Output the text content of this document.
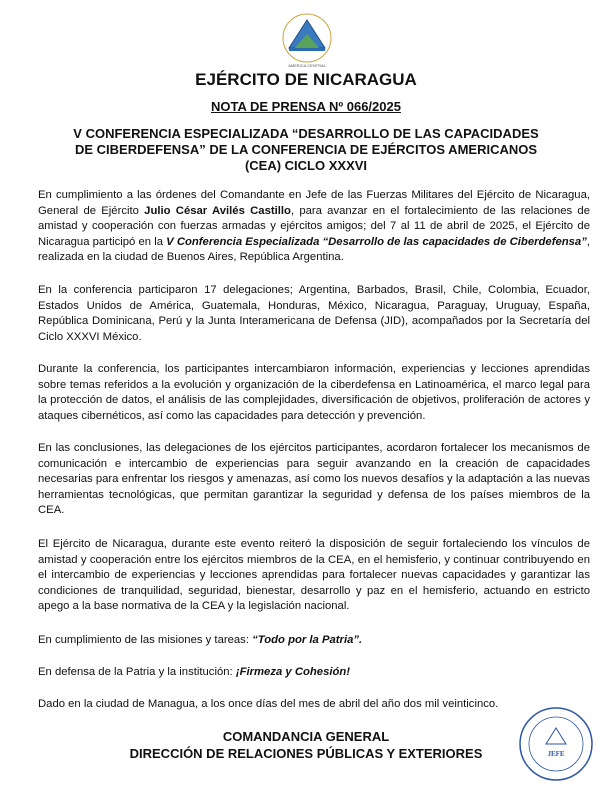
AMERICA CENTRAL
EJÉRCITO DE NICARAGUA
NOTA DE PRENSA Nº 066/2025
V CONFERENCIA ESPECIALIZADA “DESARROLLO DE LAS CAPACIDADES
DE CIBERDEFENSA” DE LA CONFERENCIA DE EJÉRCITOS AMERICANOS
(CEA) CICLO XXXVI

En cumplimiento a las órdenes del Comandante en Jefe de las Fuerzas Militares del Ejército de Nicaragua, General de Ejército Julio César Avilés Castillo, para avanzar en el fortalecimiento de las relaciones de amistad y cooperación con fuerzas armadas y ejércitos amigos; del 7 al 11 de abril de 2025, el Ejército de Nicaragua participó en la V Conferencia Especializada “Desarrollo de las capacidades de Ciberdefensa”, realizada en la ciudad de Buenos Aires, República Argentina.

En la conferencia participaron 17 delegaciones; Argentina, Barbados, Brasil, Chile, Colombia, Ecuador, Estados Unidos de América, Guatemala, Honduras, México, Nicaragua, Paraguay, Uruguay, España, República Dominicana, Perú y la Junta Interamericana de Defensa (JID), acompañados por la Secretaría del Ciclo XXXVI México.
Durante la conferencia, los participantes intercambiaron información, experiencias y lecciones aprendidas sobre temas referidos a la evolución y organización de la ciberdefensa en Latinoamérica, el marco legal para la protección de datos, el análisis de las complejidades, diversificación de objetivos, proliferación de actores y ataques cibernéticos, así como las capacidades para detección y prevención.
En las conclusiones, las delegaciones de los ejércitos participantes, acordaron fortalecer los mecanismos de comunicación e intercambio de experiencias para seguir avanzando en la creación de capacidades necesarias para enfrentar los riesgos y amenazas, así como los nuevos desafíos y la adaptación a las nuevas herramientas tecnológicas, que permitan garantizar la seguridad y defensa de los países miembros de la CEA.
El Ejército de Nicaragua, durante este evento reiteró la disposición de seguir fortaleciendo los vínculos de amistad y cooperación entre los ejércitos miembros de la CEA, en el hemisferio, y continuar contribuyendo en el intercambio de experiencias y lecciones aprendidas para fortalecer nuevas capacidades y garantizar las condiciones de tranquilidad, seguridad, bienestar, desarrollo y paz en el hemisferio, actuando en estricto apego a la base normativa de la CEA y la legislación nacional.
En cumplimiento de las misiones y tareas: “Todo por la Patria”.
En defensa de la Patria y la institución: ¡Firmeza y Cohesión!
Dado en la ciudad de Managua, a los once días del mes de abril del año dos mil veinticinco.
COMANDANCIA GENERAL
DIRECCIÓN DE RELACIONES PÚBLICAS Y EXTERIORES	JEFE
